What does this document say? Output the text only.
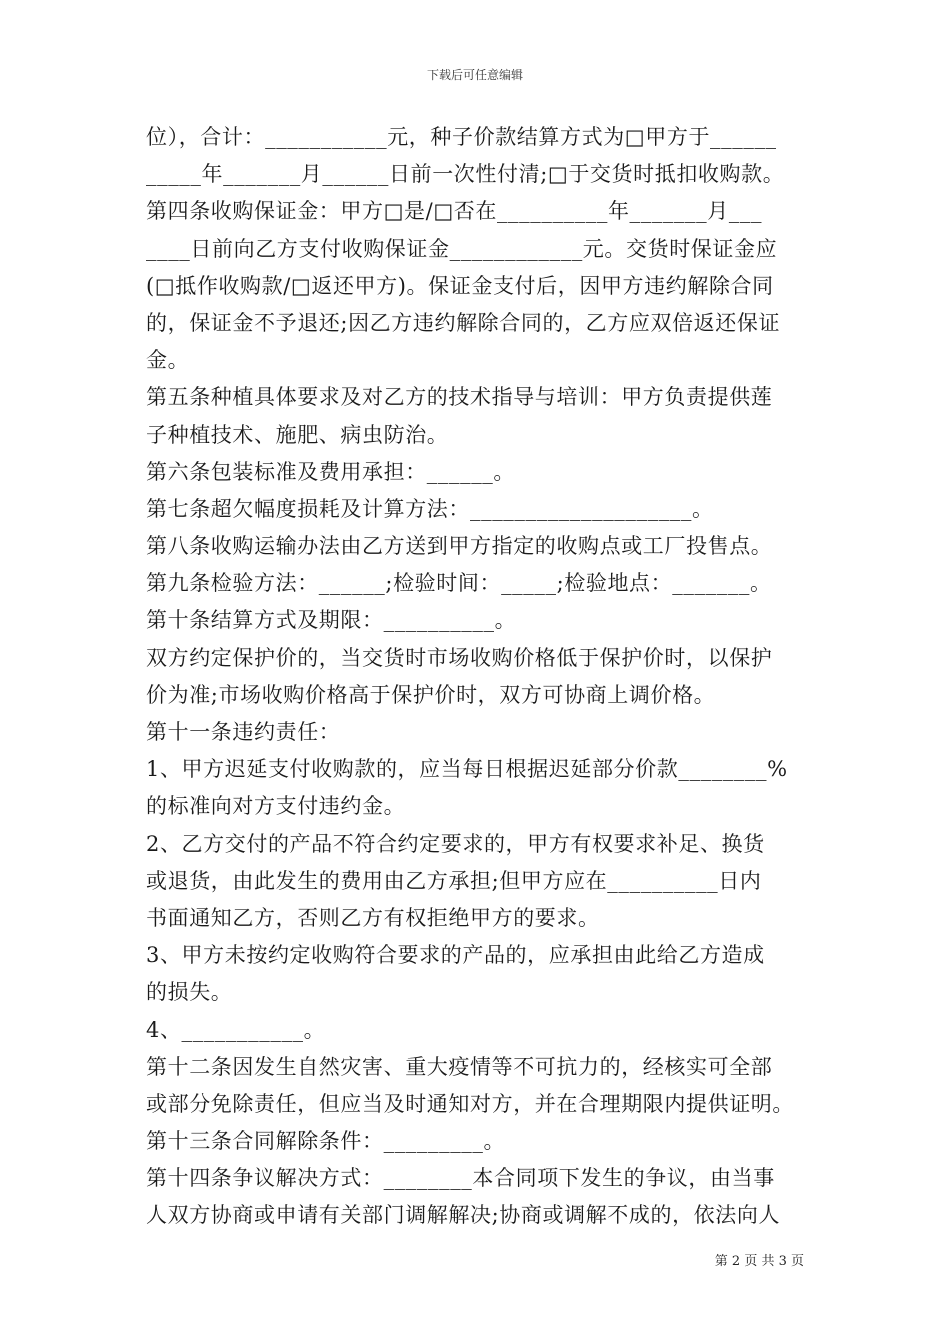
下载后可任意编辑
位），合计：___________元，种子价款结算方式为□甲方于______
_____年_______月______日前一次性付清;□于交货时抵扣收购款。
第四条收购保证金：甲方□是/□否在__________年_______月___
____日前向乙方支付收购保证金____________元。交货时保证金应
(□抵作收购款/□返还甲方)。保证金支付后，因甲方违约解除合同
的，保证金不予退还;因乙方违约解除合同的，乙方应双倍返还保证
金。
第五条种植具体要求及对乙方的技术指导与培训：甲方负责提供莲
子种植技术、施肥、病虫防治。
第六条包装标准及费用承担：______。
第七条超欠幅度损耗及计算方法：____________________。
第八条收购运输办法由乙方送到甲方指定的收购点或工厂投售点。
第九条检验方法：______;检验时间：_____;检验地点：_______。
第十条结算方式及期限：__________。
双方约定保护价的，当交货时市场收购价格低于保护价时，以保护
价为准;市场收购价格高于保护价时，双方可协商上调价格。
第十一条违约责任：
1、甲方迟延支付收购款的，应当每日根据迟延部分价款________%
的标准向对方支付违约金。
2、乙方交付的产品不符合约定要求的，甲方有权要求补足、换货
或退货，由此发生的费用由乙方承担;但甲方应在__________日内
书面通知乙方，否则乙方有权拒绝甲方的要求。
3、甲方未按约定收购符合要求的产品的，应承担由此给乙方造成
的损失。
4、___________。
第十二条因发生自然灾害、重大疫情等不可抗力的，经核实可全部
或部分免除责任，但应当及时通知对方，并在合理期限内提供证明。
第十三条合同解除条件：_________。
第十四条争议解决方式：________本合同项下发生的争议，由当事
人双方协商或申请有关部门调解解决;协商或调解不成的，依法向人
第 2 页 共 3 页
